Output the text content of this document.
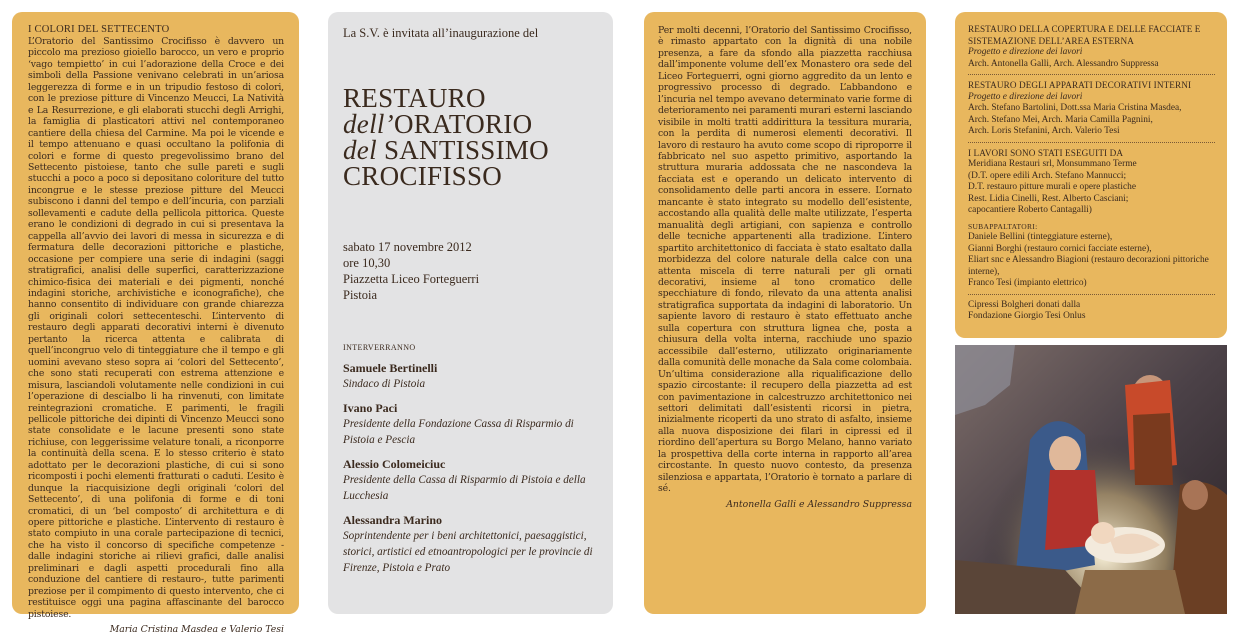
I COLORI DEL SETTECENTO

L’Oratorio del Santissimo Crocifisso è davvero un piccolo ma prezioso gioiello barocco, un vero e proprio ‘vago tempietto’ in cui l’adorazione della Croce e dei simboli della Passione venivano celebrati in un’ariosa leggerezza di forme e in un tripudio festoso di colori, con le preziose pitture di Vincenzo Meucci, La Natività e La Resurrezione, e gli elaborati stucchi degli Arrighi, la famiglia di plasticatori attivi nel contemporaneo cantiere della chiesa del Carmine. Ma poi le vicende e il tempo attenuano e quasi occultano la polifonia di colori e forme di questo pregevolissimo brano del Settecento pistoiese, tanto che sulle pareti e sugli stucchi a poco a poco si depositano coloriture del tutto incongrue e le stesse preziose pitture del Meucci subiscono i danni del tempo e dell’incuria, con parziali sollevamenti e cadute della pellicola pittorica. Queste erano le condizioni di degrado in cui si presentava la cappella all’avvio dei lavori di messa in sicurezza e di fermatura delle decorazioni pittoriche e plastiche, occasione per compiere una serie di indagini (saggi stratigrafici, analisi delle superfici, caratterizzazione chimico-fisica dei materiali e dei pigmenti, nonché indagini storiche, archivistiche e iconografiche), che hanno consentito di individuare con grande chiarezza gli originali colori settecenteschi. L’intervento di restauro degli apparati decorativi interni è divenuto pertanto la ricerca attenta e calibrata di quell’incongruo velo di tinteggiature che il tempo e gli uomini avevano steso sopra ai ‘colori del Settecento’, che sono stati recuperati con estrema attenzione e misura, lasciandoli volutamente nelle condizioni in cui l’operazione di descialbo li ha rinvenuti, con limitate reintegrazioni cromatiche. E parimenti, le fragili pellicole pittoriche dei dipinti di Vincenzo Meucci sono state consolidate e le lacune presenti sono state richiuse, con leggerissime velature tonali, a riconporre la continuità della scena. E lo stesso criterio è stato adottato per le decorazioni plastiche, di cui si sono ricomposti i pochi elementi fratturati o caduti. L’esito è dunque la riacquisizione degli originali ‘colori del Settecento’, di una polifonia di forme e di toni cromatici, di un ‘bel composto’ di architettura e di opere pittoriche e plastiche. L’intervento di restauro è stato compiuto in una corale partecipazione di tecnici, che ha visto il concorso di specifiche competenze - dalle indagini storiche ai rilievi grafici, dalle analisi preliminari e dagli aspetti procedurali fino alla conduzione del cantiere di restauro-, tutte parimenti preziose per il compimento di questo intervento, che ci restituisce oggi una pagina affascinante del barocco pistoiese.

Maria Cristina Masdea e Valerio Tesi

La S.V. è invitata all’inaugurazione del

RESTAURO
dell’ORATORIO
del SANTISSIMO
CROCIFISSO
sabato 17 novembre 2012
ore 10,30
Piazzetta Liceo Forteguerri
Pistoia
INTERVERRANNO
Samuele Bertinelli
Sindaco di Pistoia
Ivano Paci
Presidente della Fondazione Cassa di Risparmio di Pistoia e Pescia
Alessio Colomeiciuc
Presidente della Cassa di Risparmio di Pistoia e della Lucchesia
Alessandra Marino
Soprintendente per i beni architettonici, paesaggistici, storici, artistici ed etnoantropologici per le provincie di Firenze, Pistoia e Prato

Per molti decenni, l’Oratorio del Santissimo Crocifisso, è rimasto appartato con la dignità di una nobile presenza, a fare da sfondo alla piazzetta racchiusa dall’imponente volume dell’ex Monastero ora sede del Liceo Forteguerri, ogni giorno aggredito da un lento e progressivo processo di degrado. L’abbandono e l’incuria nel tempo avevano determinato varie forme di deterioramento nei paramenti murari esterni lasciando visibile in molti tratti addirittura la tessitura muraria, con la perdita di numerosi elementi decorativi. Il lavoro di restauro ha avuto come scopo di riproporre il fabbricato nel suo aspetto primitivo, asportando la struttura muraria addossata che ne nascondeva la facciata est e operando un delicato intervento di consolidamento delle parti ancora in essere. L’ornato mancante è stato integrato su modello dell’esistente, accostando alla qualità delle malte utilizzate, l’esperta manualità degli artigiani, con sapienza e controllo delle tecniche appartenenti alla tradizione. L’intero spartito architettonico di facciata è stato esaltato dalla morbidezza del colore naturale della calce con una attenta miscela di terre naturali per gli ornati decorativi, insieme al tono cromatico delle specchiature di fondo, rilevato da una attenta analisi stratigrafica supportata da indagini di laboratorio. Un sapiente lavoro di restauro è stato effettuato anche sulla copertura con struttura lignea che, posta a chiusura della volta interna, racchiude uno spazio accessibile dall’esterno, utilizzato originariamente dalla comunità delle monache da Sala come colombaia. Un’ultima considerazione alla riqualificazione dello spazio circostante: il recupero della piazzetta ad est con pavimentazione in calcestruzzo architettonico nei settori delimitati dall’esistenti ricorsi in pietra, inizialmente ricoperti da uno strato di asfalto, insieme alla nuova disposizione dei filari in cipressi ed il riordino dell’apertura su Borgo Melano, hanno variato la prospettiva della corte interna in rapporto all’area circostante. In questo nuovo contesto, da presenza silenziosa e appartata, l’Oratorio è tornato a parlare di sé.

Antonella Galli e Alessandro Suppressa
RESTAURO DELLA COPERTURA E DELLE FACCIATE E SISTEMAZIONE DELL’AREA ESTERNA
Progetto e direzione dei lavori
Arch. Antonella Galli, Arch. Alessandro Suppressa
RESTAURO DEGLI APPARATI DECORATIVI INTERNI
Progetto e direzione dei lavori
Arch. Stefano Bartolini, Dott.ssa Maria Cristina Masdea,
Arch. Stefano Mei, Arch. Maria Camilla Pagnini,
Arch. Loris Stefanini, Arch. Valerio Tesi
I LAVORI SONO STATI ESEGUITI DA
Meridiana Restauri srl, Monsummano Terme
(D.T. opere edili Arch. Stefano Mannucci;
D.T. restauro pitture murali e opere plastiche
Rest. Lidia Cinelli, Rest. Alberto Casciani;
capocantiere Roberto Cantagalli)
SUBAPPALTATORI:
Daniele Bellini (tinteggiature esterne),
Gianni Borghi (restauro cornici facciate esterne),
Eliart snc e Alessandro Biagioni (restauro decorazioni pittoriche interne),
Franco Tesi (impianto elettrico)
Cipressi Bolgheri donati dalla
Fondazione Giorgio Tesi Onlus
